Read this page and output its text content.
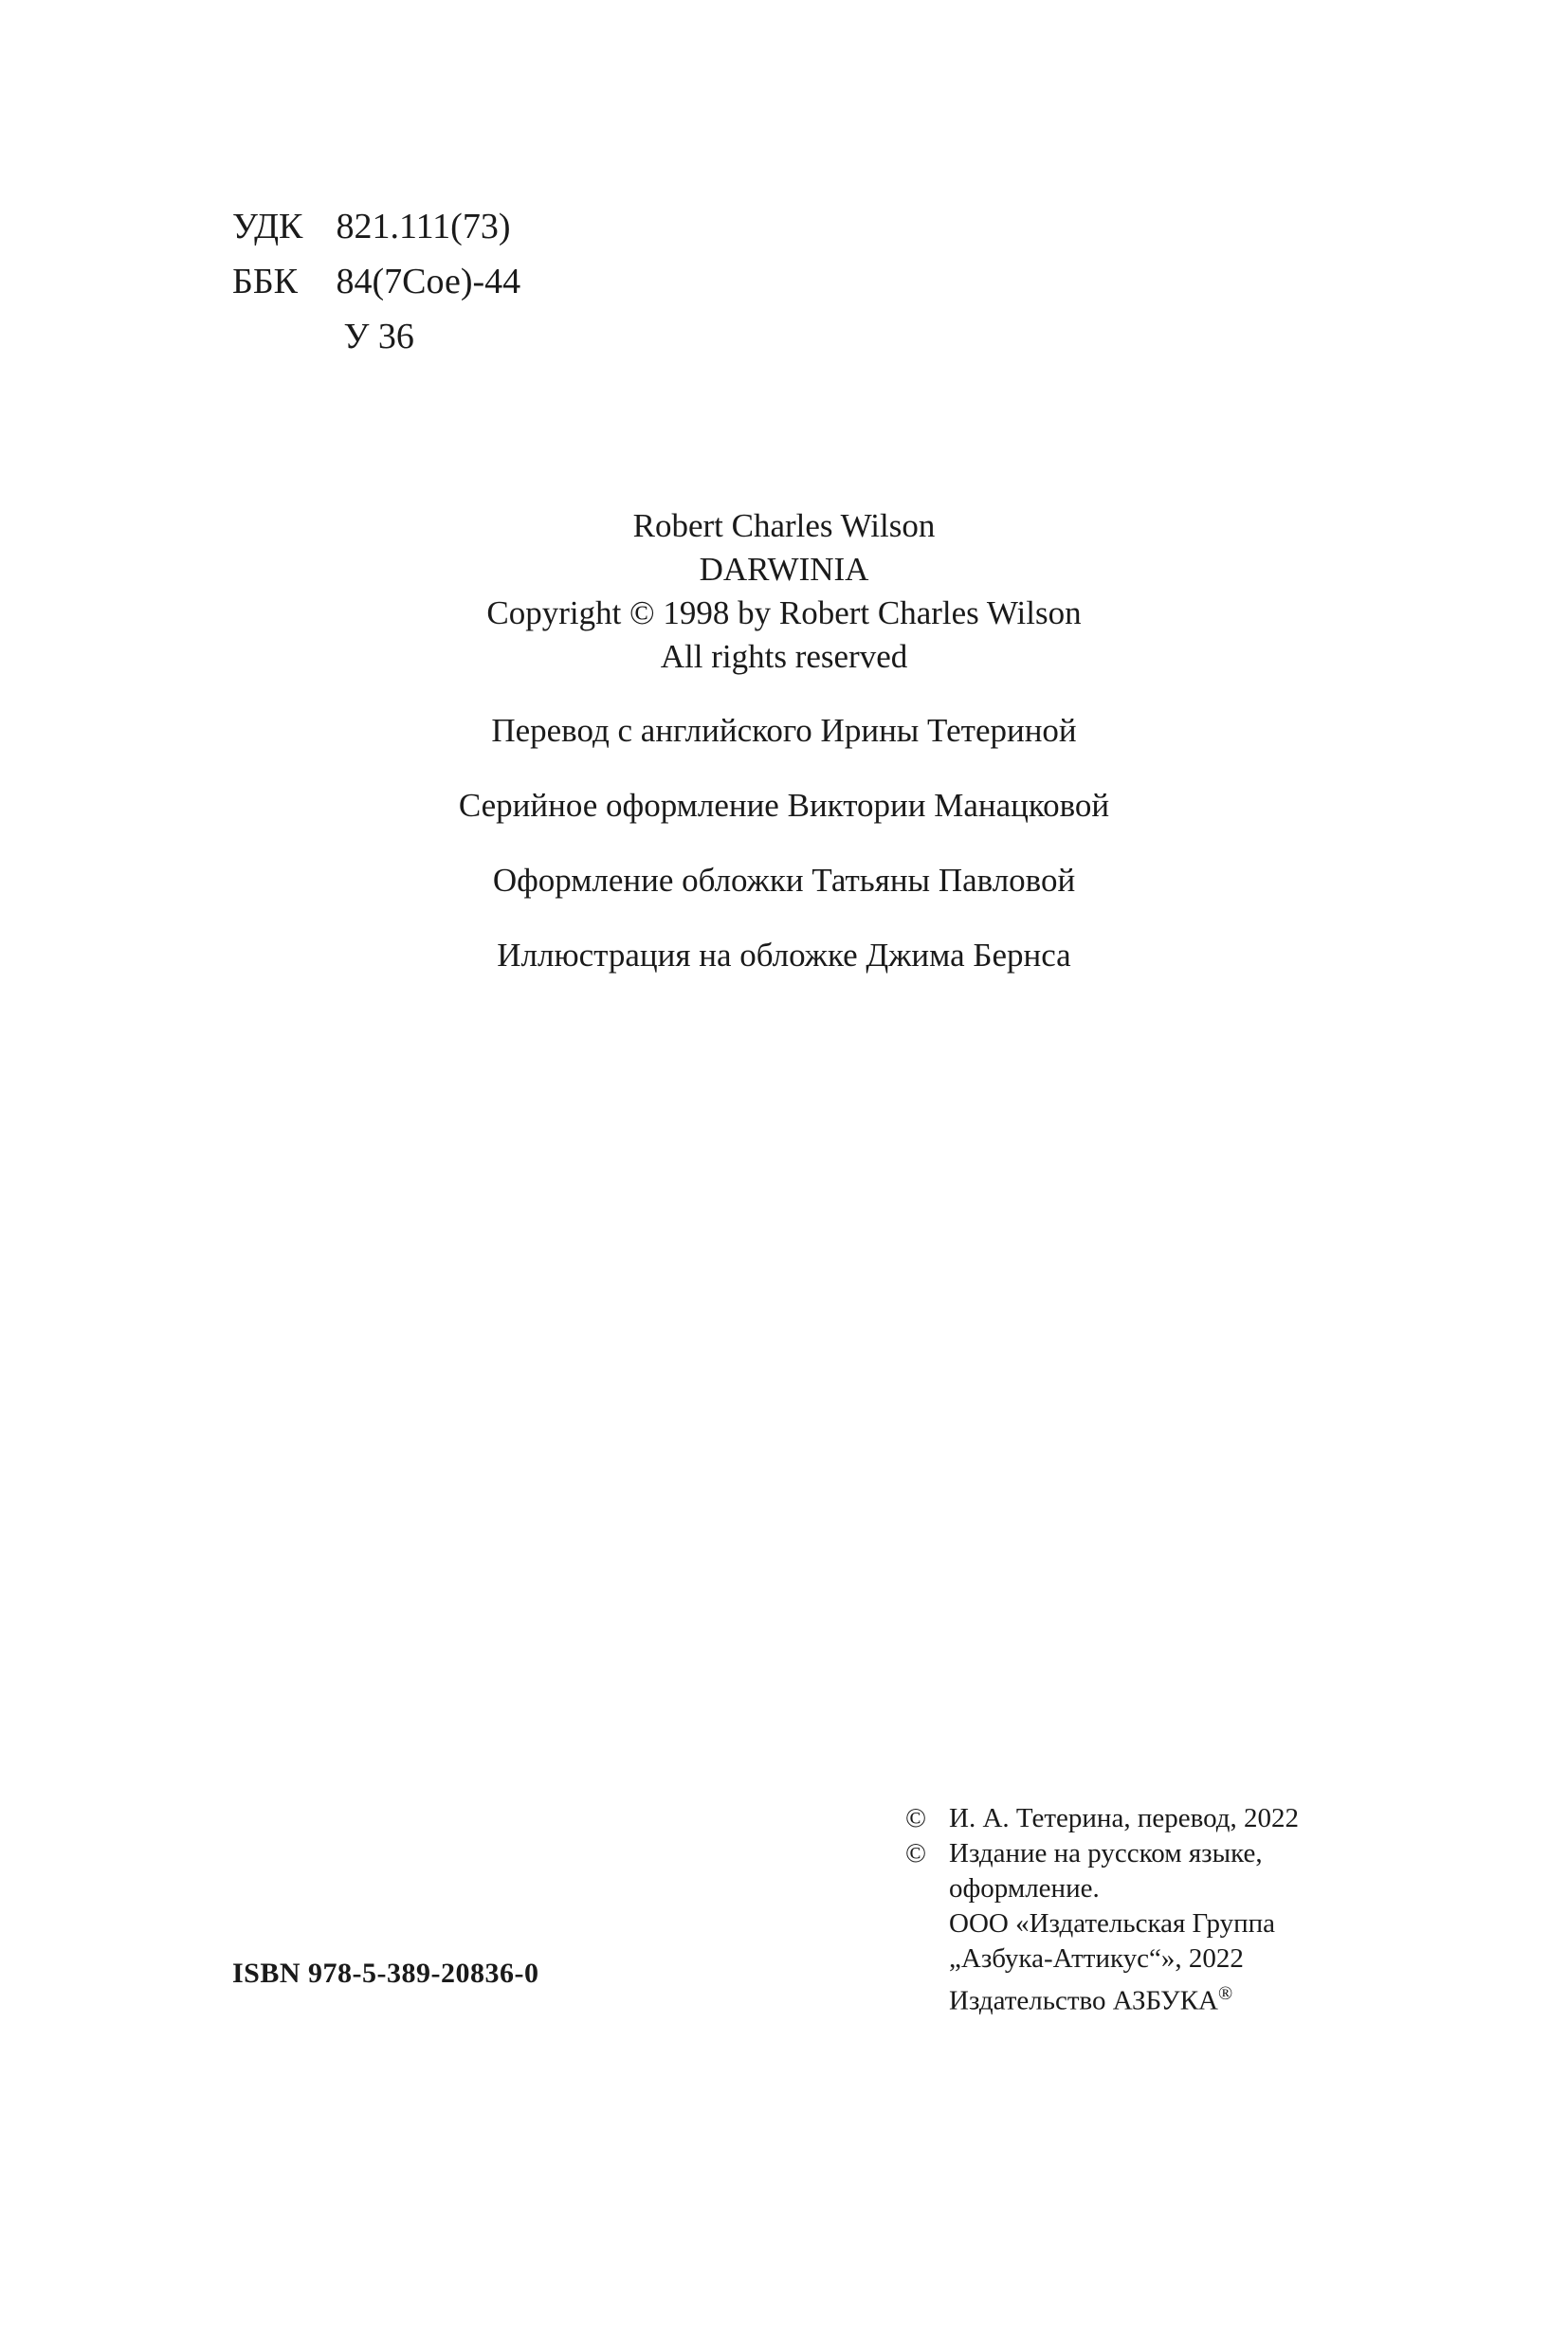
УДК 821.111(73)
ББК 84(7Сое)-44
У 36
Robert Charles Wilson
DARWINIA
Copyright © 1998 by Robert Charles Wilson
All rights reserved
Перевод с английского Ирины Тетериной
Серийное оформление Виктории Манацковой
Оформление обложки Татьяны Павловой
Иллюстрация на обложке Джима Бернса
© И. А. Тетерина, перевод, 2022
© Издание на русском языке,
оформление.
ООО «Издательская Группа
„Азбука-Аттикус“», 2022
Издательство АЗБУКА®
ISBN 978-5-389-20836-0
